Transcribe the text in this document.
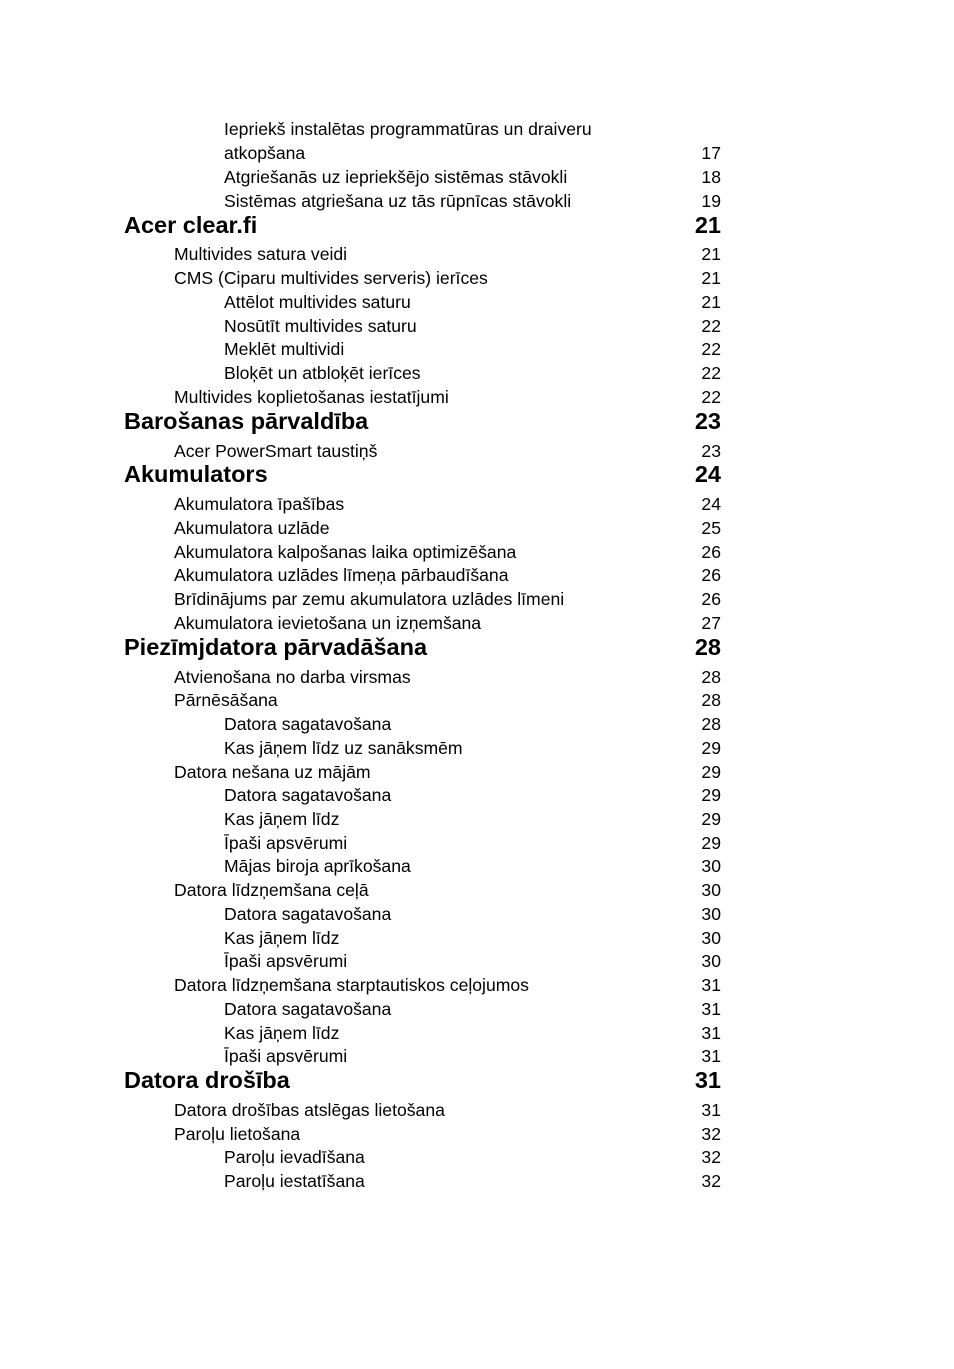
Iepriekš instalētas programmatūras un draiveru
atkopšana	17
Atgriešanās uz iepriekšējo sistēmas stāvokli	18
Sistēmas atgriešana uz tās rūpnīcas stāvokli	19
Acer clear.fi	21
Multivides satura veidi	21
CMS (Ciparu multivides serveris) ierīces	21
Attēlot multivides saturu	21
Nosūtīt multivides saturu	22
Meklēt multividi	22
Bloķēt un atbloķēt ierīces	22
Multivides koplietošanas iestatījumi	22
Barošanas pārvaldība	23
Acer PowerSmart taustiņš	23
Akumulators	24
Akumulatora īpašības	24
Akumulatora uzlāde	25
Akumulatora kalpošanas laika optimizēšana	26
Akumulatora uzlādes līmeņa pārbaudīšana	26
Brīdinājums par zemu akumulatora uzlādes līmeni	26
Akumulatora ievietošana un izņemšana	27
Piezīmjdatora pārvadāšana	28
Atvienošana no darba virsmas	28
Pārnēsāšana	28
Datora sagatavošana	28
Kas jāņem līdz uz sanāksmēm	29
Datora nešana uz mājām	29
Datora sagatavošana	29
Kas jāņem līdz	29
Īpaši apsvērumi	29
Mājas biroja aprīkošana	30
Datora līdzņemšana ceļā	30
Datora sagatavošana	30
Kas jāņem līdz	30
Īpaši apsvērumi	30
Datora līdzņemšana starptautiskos ceļojumos	31
Datora sagatavošana	31
Kas jāņem līdz	31
Īpaši apsvērumi	31
Datora drošība	31
Datora drošības atslēgas lietošana	31
Paroļu lietošana	32
Paroļu ievadīšana	32
Paroļu iestatīšana	32
